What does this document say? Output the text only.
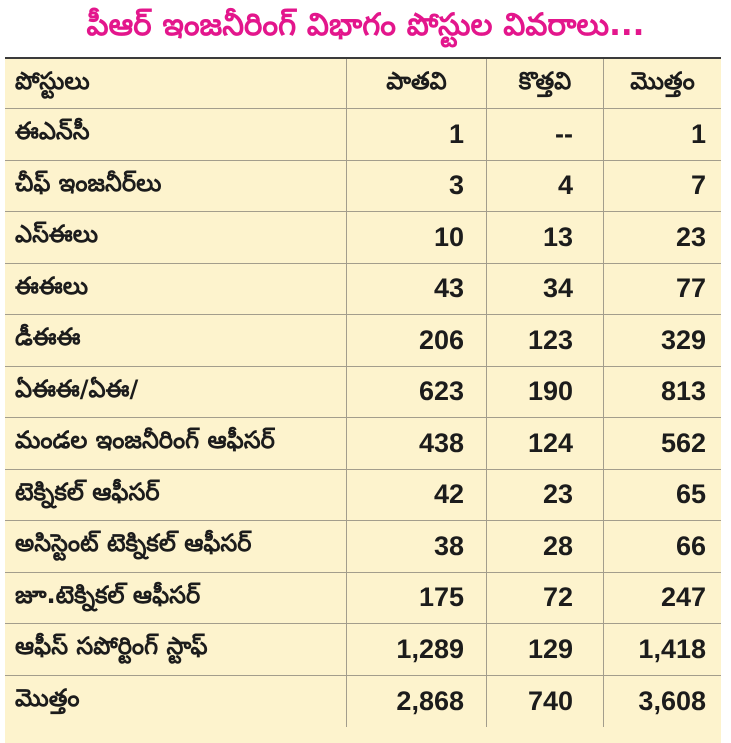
పీఆర్ ఇంజనీరింగ్ విభాగం పోస్టుల వివరాలు...
పోస్టులు	పాతవి	కొత్తవి	మొత్తం
ఈఎన్‌సీ	1	--	1
చీఫ్ ఇంజనీర్‌లు	3	4	7
ఎస్ఈలు	10	13	23
ఈఈలు	43	34	77
డీఈఈ	206	123	329
ఏఈఈ/ఏఈ/	623	190	813
మండల ఇంజనీరింగ్ ఆఫీసర్	438	124	562
టెక్నికల్ ఆఫీసర్	42	23	65
అసిస్టెంట్ టెక్నికల్ ఆఫీసర్	38	28	66
జూ.టెక్నికల్ ఆఫీసర్	175	72	247
ఆఫీస్ సపోర్టింగ్ స్టాఫ్	1,289	129	1,418
మొత్తం	2,868	740	3,608
